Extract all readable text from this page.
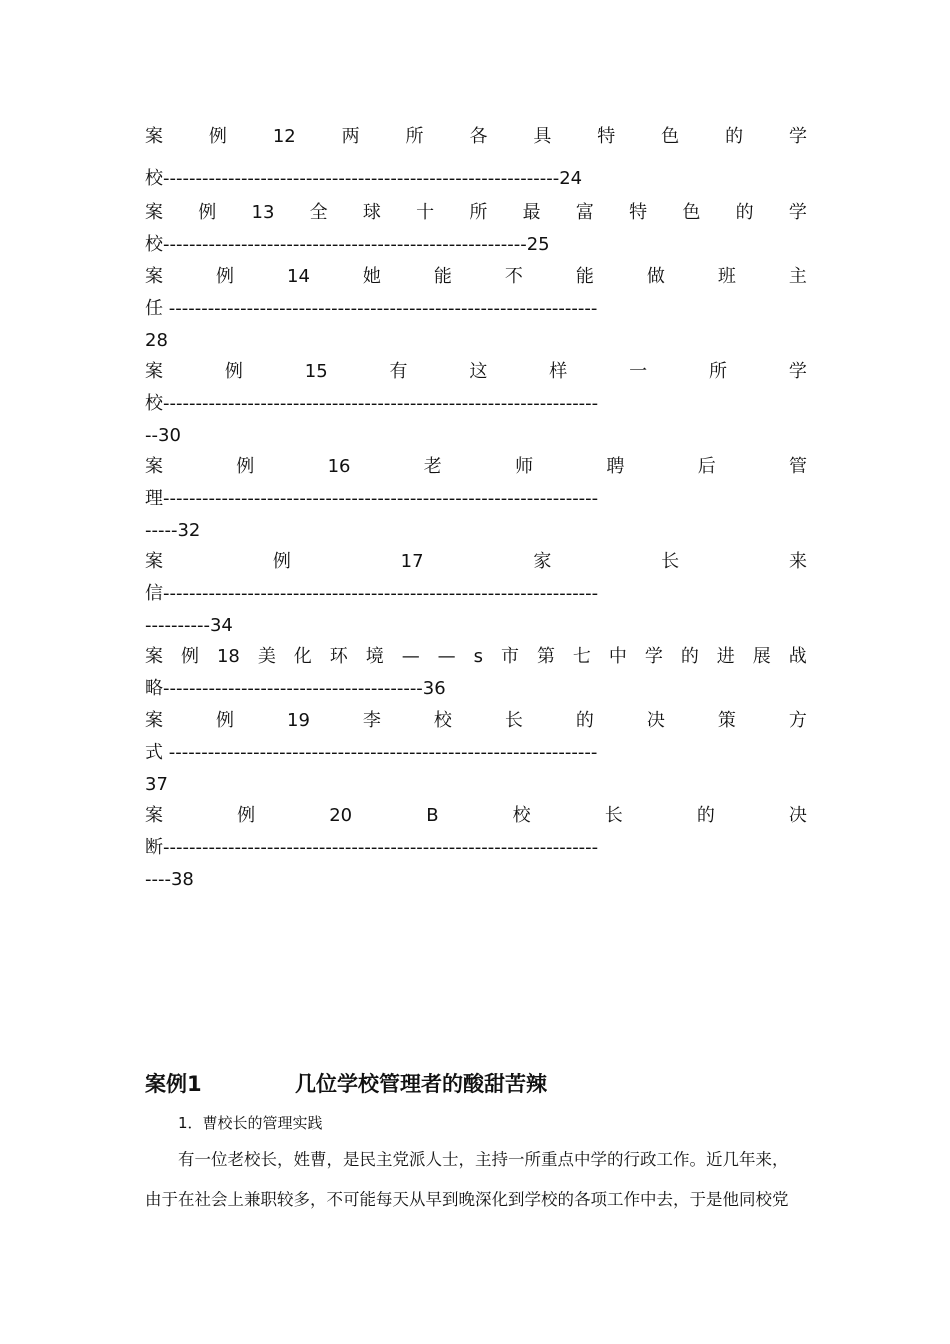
案	例	12	两	所	各	具	特	色	的	学
校-------------------------------------------------------------24
案 例 13 全 球 十 所 最 富 特 色 的 学
校--------------------------------------------------------25
案	例	14	她	能	不	能	做	班	主
任 ------------------------------------------------------------------
28
案	例	15	有	这	样	一	所	学
校-------------------------------------------------------------------
--30
案	例	16	老	师	聘	后	管
理-------------------------------------------------------------------
-----32
案	例	17	家	长	来
信-------------------------------------------------------------------
----------34
案 例 18 美 化 环 境 — — s 市 第 七 中 学 的 进 展 战
略----------------------------------------36
案	例	19	李	校	长	的	决	策	方
式 ------------------------------------------------------------------
37
案	例	20	B	校	长	的	决
断-------------------------------------------------------------------
----38
案例1	几位学校管理者的酸甜苦辣
1．曹校长的管理实践
　　有一位老校长，姓曹，是民主党派人士，主持一所重点中学的行政工作。近几年来，
由于在社会上兼职较多，不可能每天从早到晚深化到学校的各项工作中去，于是他同校党
